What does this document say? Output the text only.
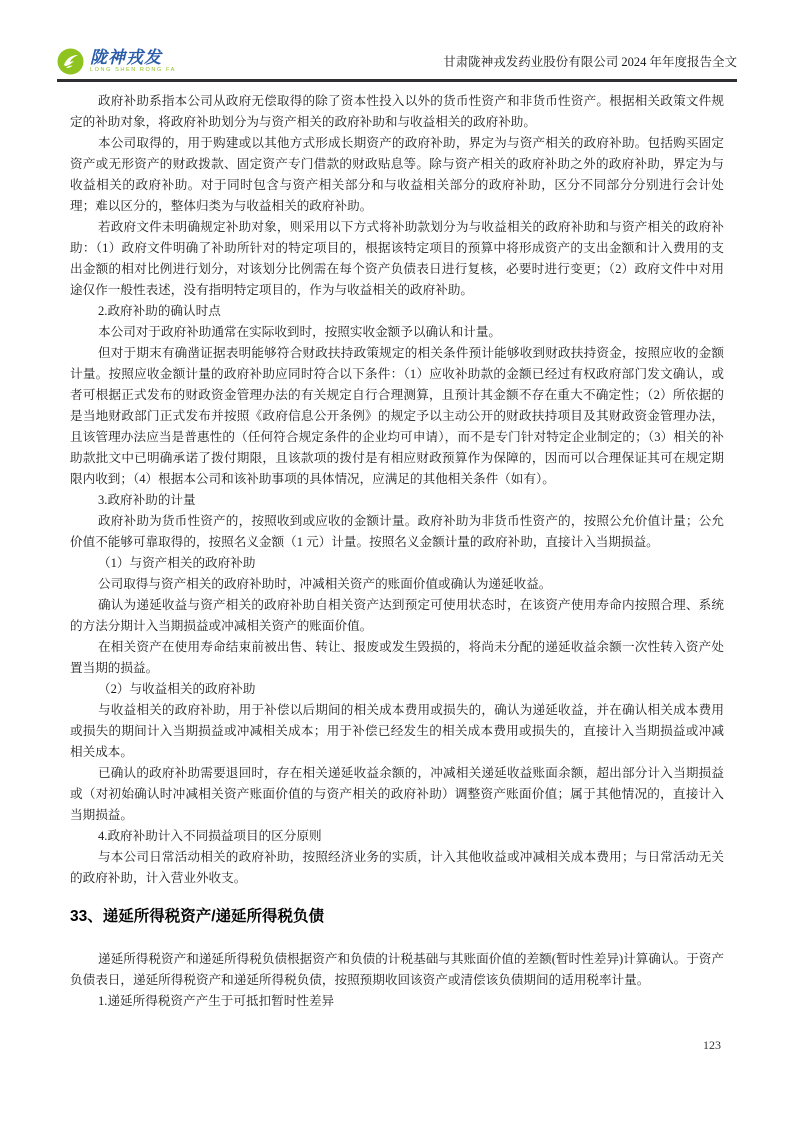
陇神戎发
LONG SHEN RONG FA
甘肃陇神戎发药业股份有限公司 2024 年年度报告全文

政府补助系指本公司从政府无偿取得的除了资本性投入以外的货币性资产和非货币性资产。根据相关政策文件规定的补助对象，将政府补助划分为与资产相关的政府补助和与收益相关的政府补助。

本公司取得的，用于购建或以其他方式形成长期资产的政府补助，界定为与资产相关的政府补助。包括购买固定资产或无形资产的财政拨款、固定资产专门借款的财政贴息等。除与资产相关的政府补助之外的政府补助，界定为与收益相关的政府补助。对于同时包含与资产相关部分和与收益相关部分的政府补助，区分不同部分分别进行会计处理；难以区分的，整体归类为与收益相关的政府补助。

若政府文件未明确规定补助对象，则采用以下方式将补助款划分为与收益相关的政府补助和与资产相关的政府补助：（1）政府文件明确了补助所针对的特定项目的，根据该特定项目的预算中将形成资产的支出金额和计入费用的支出金额的相对比例进行划分，对该划分比例需在每个资产负债表日进行复核，必要时进行变更；（2）政府文件中对用途仅作一般性表述，没有指明特定项目的，作为与收益相关的政府补助。

2.政府补助的确认时点

本公司对于政府补助通常在实际收到时，按照实收金额予以确认和计量。

但对于期末有确凿证据表明能够符合财政扶持政策规定的相关条件预计能够收到财政扶持资金，按照应收的金额计量。按照应收金额计量的政府补助应同时符合以下条件：（1）应收补助款的金额已经过有权政府部门发文确认，或者可根据正式发布的财政资金管理办法的有关规定自行合理测算，且预计其金额不存在重大不确定性；（2）所依据的是当地财政部门正式发布并按照《政府信息公开条例》的规定予以主动公开的财政扶持项目及其财政资金管理办法，且该管理办法应当是普惠性的（任何符合规定条件的企业均可申请），而不是专门针对特定企业制定的；（3）相关的补助款批文中已明确承诺了拨付期限，且该款项的拨付是有相应财政预算作为保障的，因而可以合理保证其可在规定期限内收到；（4）根据本公司和该补助事项的具体情况，应满足的其他相关条件（如有）。

3.政府补助的计量

政府补助为货币性资产的，按照收到或应收的金额计量。政府补助为非货币性资产的，按照公允价值计量；公允价值不能够可靠取得的，按照名义金额（1 元）计量。按照名义金额计量的政府补助，直接计入当期损益。

（1）与资产相关的政府补助

公司取得与资产相关的政府补助时，冲减相关资产的账面价值或确认为递延收益。

确认为递延收益与资产相关的政府补助自相关资产达到预定可使用状态时，在该资产使用寿命内按照合理、系统的方法分期计入当期损益或冲减相关资产的账面价值。

在相关资产在使用寿命结束前被出售、转让、报废或发生毁损的，将尚未分配的递延收益余额一次性转入资产处置当期的损益。

（2）与收益相关的政府补助

与收益相关的政府补助，用于补偿以后期间的相关成本费用或损失的，确认为递延收益，并在确认相关成本费用或损失的期间计入当期损益或冲减相关成本；用于补偿已经发生的相关成本费用或损失的，直接计入当期损益或冲减相关成本。

已确认的政府补助需要退回时，存在相关递延收益余额的，冲减相关递延收益账面余额，超出部分计入当期损益或（对初始确认时冲减相关资产账面价值的与资产相关的政府补助）调整资产账面价值；属于其他情况的，直接计入当期损益。

4.政府补助计入不同损益项目的区分原则

与本公司日常活动相关的政府补助，按照经济业务的实质，计入其他收益或冲减相关成本费用；与日常活动无关的政府补助，计入营业外收支。

33、递延所得税资产/递延所得税负债

递延所得税资产和递延所得税负债根据资产和负债的计税基础与其账面价值的差额(暂时性差异)计算确认。于资产负债表日，递延所得税资产和递延所得税负债，按照预期收回该资产或清偿该负债期间的适用税率计量。

1.递延所得税资产产生于可抵扣暂时性差异

123
